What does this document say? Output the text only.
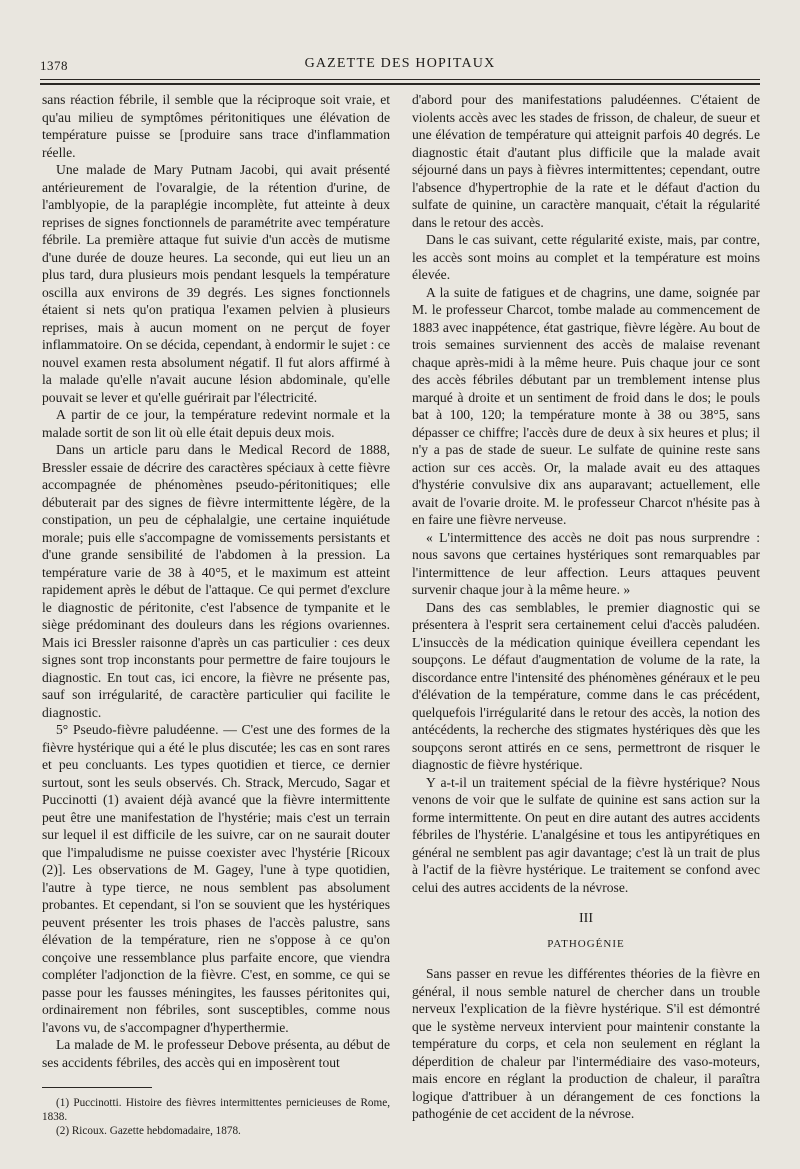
1378	GAZETTE DES HOPITAUX

sans réaction fébrile, il semble que la réciproque soit vraie, et qu'au milieu de symptômes péritonitiques une élévation de température puisse se [produire sans trace d'inflammation réelle.

Une malade de Mary Putnam Jacobi, qui avait présenté antérieurement de l'ovaralgie, de la rétention d'urine, de l'amblyopie, de la paraplégie incomplète, fut atteinte à deux reprises de signes fonctionnels de paramétrite avec température fébrile. La première attaque fut suivie d'un accès de mutisme d'une durée de douze heures. La seconde, qui eut lieu un an plus tard, dura plusieurs mois pendant lesquels la température oscilla aux environs de 39 degrés. Les signes fonctionnels étaient si nets qu'on pratiqua l'examen pelvien à plusieurs reprises, mais à aucun moment on ne perçut de foyer inflammatoire. On se décida, cependant, à endormir le sujet : ce nouvel examen resta absolument négatif. Il fut alors affirmé à la malade qu'elle n'avait aucune lésion abdominale, qu'elle pouvait se lever et qu'elle guérirait par l'électricité.

A partir de ce jour, la température redevint normale et la malade sortit de son lit où elle était depuis deux mois.

Dans un article paru dans le Medical Record de 1888, Bressler essaie de décrire des caractères spéciaux à cette fièvre accompagnée de phénomènes pseudo-péritonitiques; elle débuterait par des signes de fièvre intermittente légère, de la constipation, un peu de céphalalgie, une certaine inquiétude morale; puis elle s'accompagne de vomissements persistants et d'une grande sensibilité de l'abdomen à la pression. La température varie de 38 à 40°5, et le maximum est atteint rapidement après le début de l'attaque. Ce qui permet d'exclure le diagnostic de péritonite, c'est l'absence de tympanite et le siège prédominant des douleurs dans les régions ovariennes. Mais ici Bressler raisonne d'après un cas particulier : ces deux signes sont trop inconstants pour permettre de faire toujours le diagnostic. En tout cas, ici encore, la fièvre ne présente pas, sauf son irrégularité, de caractère particulier qui facilite le diagnostic.

5° Pseudo-fièvre paludéenne. — C'est une des formes de la fièvre hystérique qui a été le plus discutée; les cas en sont rares et peu concluants. Les types quotidien et tierce, ce dernier surtout, sont les seuls observés. Ch. Strack, Mercudo, Sagar et Puccinotti (1) avaient déjà avancé que la fièvre intermittente peut être une manifestation de l'hystérie; mais c'est un terrain sur lequel il est difficile de les suivre, car on ne saurait douter que l'impaludisme ne puisse coexister avec l'hystérie [Ricoux (2)]. Les observations de M. Gagey, l'une à type quotidien, l'autre à type tierce, ne nous semblent pas absolument probantes. Et cependant, si l'on se souvient que les hystériques peuvent présenter les trois phases de l'accès palustre, sans élévation de la température, rien ne s'oppose à ce qu'on conçoive une ressemblance plus parfaite encore, que viendra compléter l'adjonction de la fièvre. C'est, en somme, ce qui se passe pour les fausses méningites, les fausses péritonites qui, ordinairement non fébriles, sont susceptibles, comme nous l'avons vu, de s'accompagner d'hyperthermie.

La malade de M. le professeur Debove présenta, au début de ses accidents fébriles, des accès qui en imposèrent tout

(1) Puccinotti. Histoire des fièvres intermittentes pernicieuses de Rome, 1838.

(2) Ricoux. Gazette hebdomadaire, 1878.

d'abord pour des manifestations paludéennes. C'étaient de violents accès avec les stades de frisson, de chaleur, de sueur et une élévation de température qui atteignit parfois 40 degrés. Le diagnostic était d'autant plus difficile que la malade avait séjourné dans un pays à fièvres intermittentes; cependant, outre l'absence d'hypertrophie de la rate et le défaut d'action du sulfate de quinine, un caractère manquait, c'était la régularité dans le retour des accès.

Dans le cas suivant, cette régularité existe, mais, par contre, les accès sont moins au complet et la température est moins élevée.

A la suite de fatigues et de chagrins, une dame, soignée par M. le professeur Charcot, tombe malade au commencement de 1883 avec inappétence, état gastrique, fièvre légère. Au bout de trois semaines surviennent des accès de malaise revenant chaque après-midi à la même heure. Puis chaque jour ce sont des accès fébriles débutant par un tremblement intense plus marqué à droite et un sentiment de froid dans le dos; le pouls bat à 100, 120; la température monte à 38 ou 38°5, sans dépasser ce chiffre; l'accès dure de deux à six heures et plus; il n'y a pas de stade de sueur. Le sulfate de quinine reste sans action sur ces accès. Or, la malade avait eu des attaques d'hystérie convulsive dix ans auparavant; actuellement, elle avait de l'ovarie droite. M. le professeur Charcot n'hésite pas à en faire une fièvre nerveuse.

« L'intermittence des accès ne doit pas nous surprendre : nous savons que certaines hystériques sont remarquables par l'intermittence de leur affection. Leurs attaques peuvent survenir chaque jour à la même heure. »

Dans des cas semblables, le premier diagnostic qui se présentera à l'esprit sera certainement celui d'accès paludéen. L'insuccès de la médication quinique éveillera cependant les soupçons. Le défaut d'augmentation de volume de la rate, la discordance entre l'intensité des phénomènes généraux et le peu d'élévation de la température, comme dans le cas précédent, quelquefois l'irrégularité dans le retour des accès, la notion des antécédents, la recherche des stigmates hystériques dès que les soupçons seront attirés en ce sens, permettront de risquer le diagnostic de fièvre hystérique.

Y a-t-il un traitement spécial de la fièvre hystérique? Nous venons de voir que le sulfate de quinine est sans action sur la forme intermittente. On peut en dire autant des autres accidents fébriles de l'hystérie. L'analgésine et tous les antipyrétiques en général ne semblent pas agir davantage; c'est là un trait de plus à l'actif de la fièvre hystérique. Le traitement se confond avec celui des autres accidents de la névrose.

III
PATHOGÉNIE

Sans passer en revue les différentes théories de la fièvre en général, il nous semble naturel de chercher dans un trouble nerveux l'explication de la fièvre hystérique. S'il est démontré que le système nerveux intervient pour maintenir constante la température du corps, et cela non seulement en réglant la déperdition de chaleur par l'intermédiaire des vaso-moteurs, mais encore en réglant la production de chaleur, il paraîtra logique d'attribuer à un dérangement de ces fonctions la pathogénie de cet accident de la névrose.
